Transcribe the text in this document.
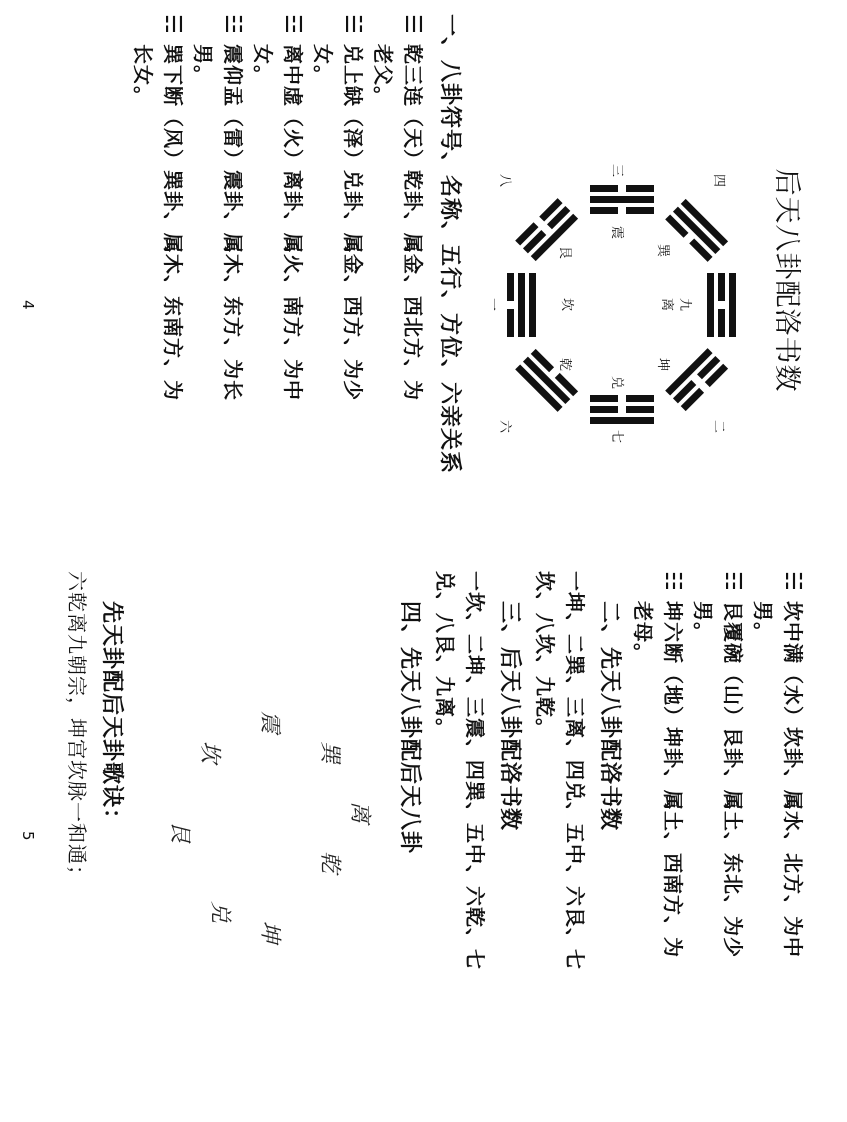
后天八卦配洛书数
九
离
坤
巽
兑
七
二
震
三
艮
坎
一
乾
六
八	四
一、八卦符号、名称、五行、方位、六亲关系
☰乾三连（天）乾卦、属金、西北方、为
老父。
☱兑上缺（泽）兑卦、属金、西方、为少
女。
☲离中虚（火）离卦、属火、南方、为中
女。
☳震仰盂（雷）震卦、属木、东方、为长
男。
☴巽下断（风）巽卦、属木、东南方、为
长女。
4
☵坎中满（水）坎卦、属水、北方、为中
男。
☶艮覆碗（山）艮卦、属土、东北、为少
男。
☷坤六断（地）坤卦、属土、西南方、为
老母。
二、先天八卦配洛书数
一坤、二巽、三离、四兑、五中、六艮、七
坎、八坎、九乾。
三、后天八卦配洛书数
一坎、二坤、三震、四巽、五中、六乾、七
兑、八艮、九离。
四、先天八卦配后天八卦
离
乾
坤
兑
艮
坎
震
巽
先天卦配后天卦歌诀：
六乾离九朝宗，坤宫坎脉一和通；
5
